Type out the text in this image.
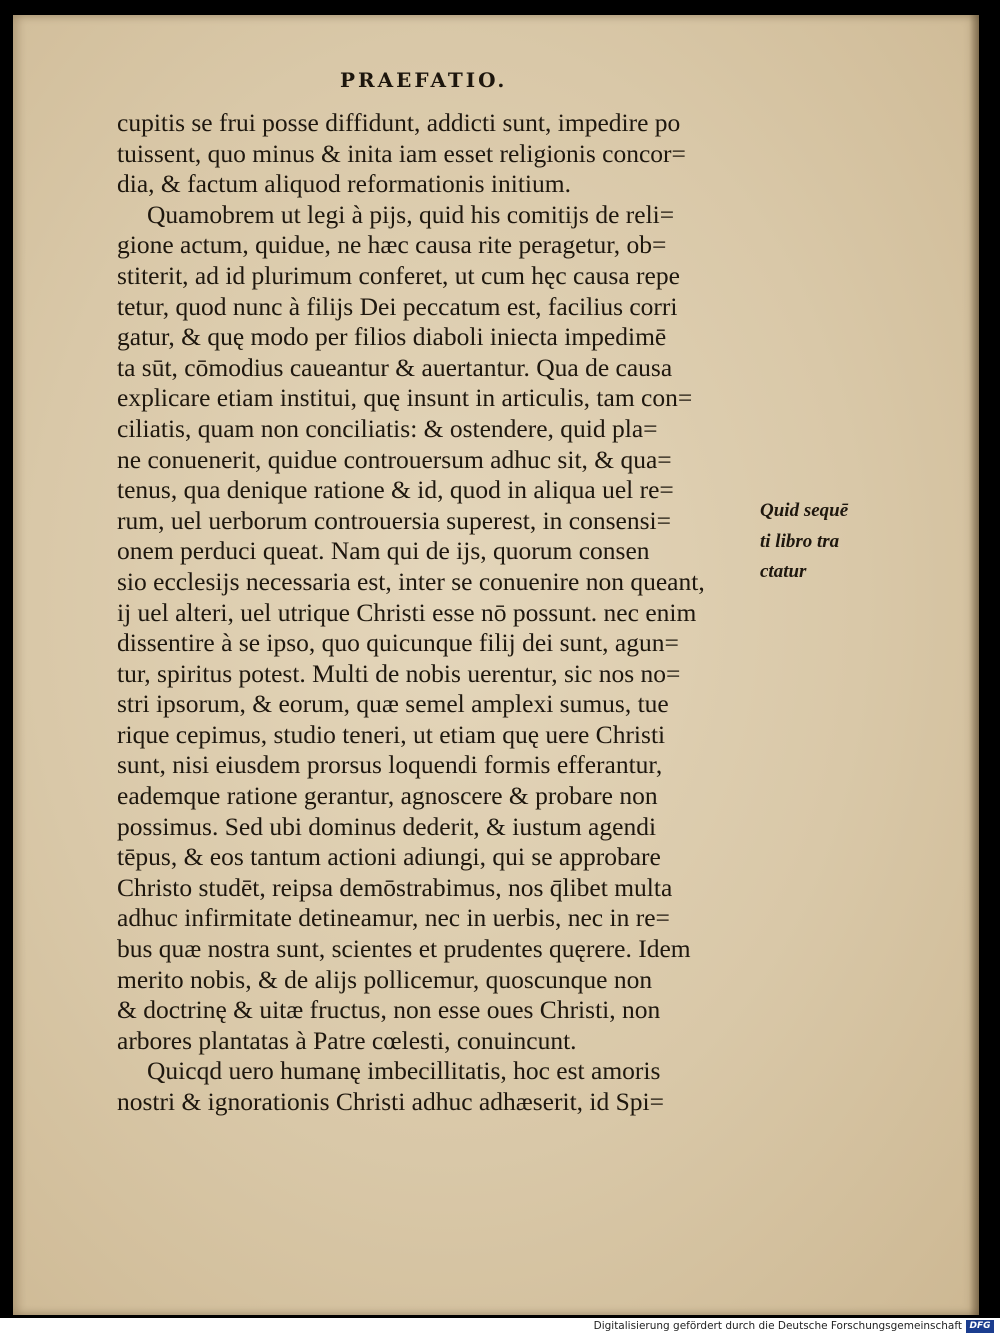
PRAEFATIO.
cupitis se frui posse diffidunt, addicti sunt, impedire po
tuissent, quo minus & inita iam esset religionis concor=
dia, & factum aliquod reformationis initium.
Quamobrem ut legi à pijs, quid his comitijs de reli=
gione actum, quidue, ne hæc causa rite peragetur, ob=
stiterit, ad id plurimum conferet, ut cum hęc causa repe
tetur, quod nunc à filijs Dei peccatum est, facilius corri
gatur, & quę modo per filios diaboli iniecta impedimē
ta sūt, cōmodius caueantur & auertantur. Qua de causa
explicare etiam institui, quę insunt in articulis, tam con=
ciliatis, quam non conciliatis: & ostendere, quid pla=
ne conuenerit, quidue controuersum adhuc sit, & qua=
tenus, qua denique ratione & id, quod in aliqua uel re=
rum, uel uerborum controuersia superest, in consensi=
onem perduci queat. Nam qui de ijs, quorum consen
sio ecclesijs necessaria est, inter se conuenire non queant,
ij uel alteri, uel utrique Christi esse nō possunt. nec enim
dissentire à se ipso, quo quicunque filij dei sunt, agun=
tur, spiritus potest. Multi de nobis uerentur, sic nos no=
stri ipsorum, & eorum, quæ semel amplexi sumus, tue
rique cepimus, studio teneri, ut etiam quę uere Christi
sunt, nisi eiusdem prorsus loquendi formis efferantur,
eademque ratione gerantur, agnoscere & probare non
possimus. Sed ubi dominus dederit, & iustum agendi
tēpus, & eos tantum actioni adiungi, qui se approbare
Christo studēt, reipsa demōstrabimus, nos q̄libet multa
adhuc infirmitate detineamur, nec in uerbis, nec in re=
bus quæ nostra sunt, scientes et prudentes quęrere. Idem
merito nobis, & de alijs pollicemur, quoscunque non
& doctrinę & uitæ fructus, non esse oues Christi, non
arbores plantatas à Patre cœlesti, conuincunt.
Quicqd uero humanę imbecillitatis, hoc est amoris
nostri & ignorationis Christi adhuc adhæserit, id Spi=
Quid sequē
ti libro tra
ctatur
Digitalisierung gefördert durch die Deutsche Forschungsgemeinschaft DFG
